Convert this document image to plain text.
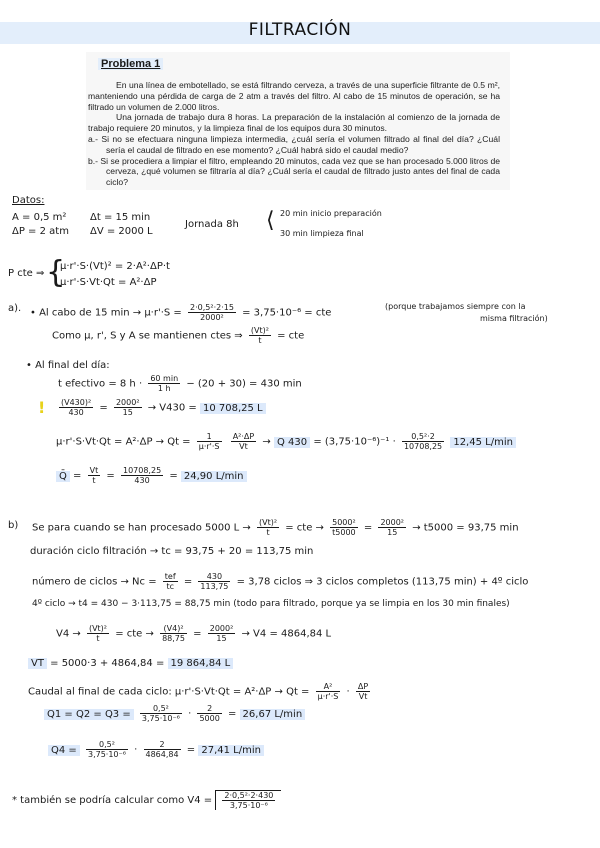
FILTRACIÓN
Problema 1

En una línea de embotellado, se está filtrando cerveza, a través de una superficie filtrante de 0.5 m², manteniendo una pérdida de carga de 2 atm a través del filtro. Al cabo de 15 minutos de operación, se ha filtrado un volumen de 2.000 litros.

Una jornada de trabajo dura 8 horas. La preparación de la instalación al comienzo de la jornada de trabajo requiere 20 minutos, y la limpieza final de los equipos dura 30 minutos.

a.- Si no se efectuara ninguna limpieza intermedia, ¿cuál sería el volumen filtrado al final del día? ¿Cuál sería el caudal de filtrado en ese momento? ¿Cuál habrá sido el caudal medio?

b.- Si se procediera a limpiar el filtro, empleando 20 minutos, cada vez que se han procesado 5.000 litros de cerveza, ¿qué volumen se filtraría al día? ¿Cuál sería el caudal de filtrado justo antes del final de cada ciclo?

Datos:
A = 0,5 m²
ΔP = 2 atm
Δt = 15 min
ΔV = 2000 L
Jornada 8h ⟨ 20 min inicio preparación
30 min limpieza final
P cte ⇒ {
μ·r'·S·(Vt)² = 2·A²·ΔP·t
μ·r'·S·Vt·Qt = A²·ΔP
a). • Al cabo de 15 $\min \to \mu\cdot r'\cdot S = \frac{\text{2·0,5²·2·15}}{\text{2000²}} = 3,75\cdot 10^{-6}$ = cte
(porque trabajamos siempre con la
misma filtración)
Como μ, r', S y A se mantienen ctes ⇒ $\frac{\text{(Vt)²}}{t}$ = cte
• Al final del día:
t efectivo = 8 $h \cdot \frac{60 \min}{1 h} - (20 + 30) = 430$ min
! $\frac{\text{(V430)²}}{430} = \frac{\text{2000²}}{15} \to V430 = 10$ 708,25 L
$\mu\cdot r'\cdot S\cdot Vt\cdot Qt = A^2\cdot\Delta P \to Qt = \frac{1}{\mu\cdot r'\cdot S}$
$\frac{\text{A²·ΔP}}{Vt} \to Q$ $430 = (3,75\cdot 10^{-6})^{-1} \cdot \frac{\text{0,5²·2}}{10708,25} 12,45$ L/min
Q̄ = $\frac{Vt}{t} = \frac{10708,25}{430} = 24,90$ L/min
b) Se para cuando se han procesado 5000 $L \to \frac{\text{(Vt)²}}{t}$ = cte → $\frac{\text{5000²}}{t5000} = \frac{\text{2000²}}{15} \to t5000 = 93,75$ min
duración ciclo filtración → tc = 93,75 + 20 = 113,75 min
número de ciclos → $Nc = \frac{\text{tef}}{tc} = \frac{430}{113,75} = 3,78$ ciclos ⇒ 3 ciclos completos (113,75 min) + 4º ciclo
4º ciclo → t4 = 430 − 3·113,75 = 88,75 min (todo para filtrado, porque ya se limpia en los 30 min finales)
$V4 \to \frac{\text{(Vt)²}}{t}$ = cte → $\frac{\text{(V4)²}}{88,75} = \frac{\text{2000²}}{15} \to V4 = 4864,84$ L
VT = 5000·3 + 4864,84 = 19 864,84 L
Caudal al final de cada ciclo: $\mu\cdot r'\cdot S\cdot Vt\cdot Qt = A^2\cdot\Delta P \to Qt = \frac{\text{A²}}{\mu\cdot r'\cdot S} \cdot \frac{\Delta P}{Vt}$
$Q1 = Q2 = Q3 = \frac{\text{0,5²}}{\text{3,75·10⁻⁶}} \cdot \frac{2}{5000} = 26,67$ L/min
$Q4 = \frac{\text{0,5²}}{\text{3,75·10⁻⁶}} \cdot \frac{2}{4864,84} = 27,41$ L/min
* también se podría calcular como $V4 = \frac{\text{2·0,5²·2·430}}{\text{3,75·10⁻⁶}}$
